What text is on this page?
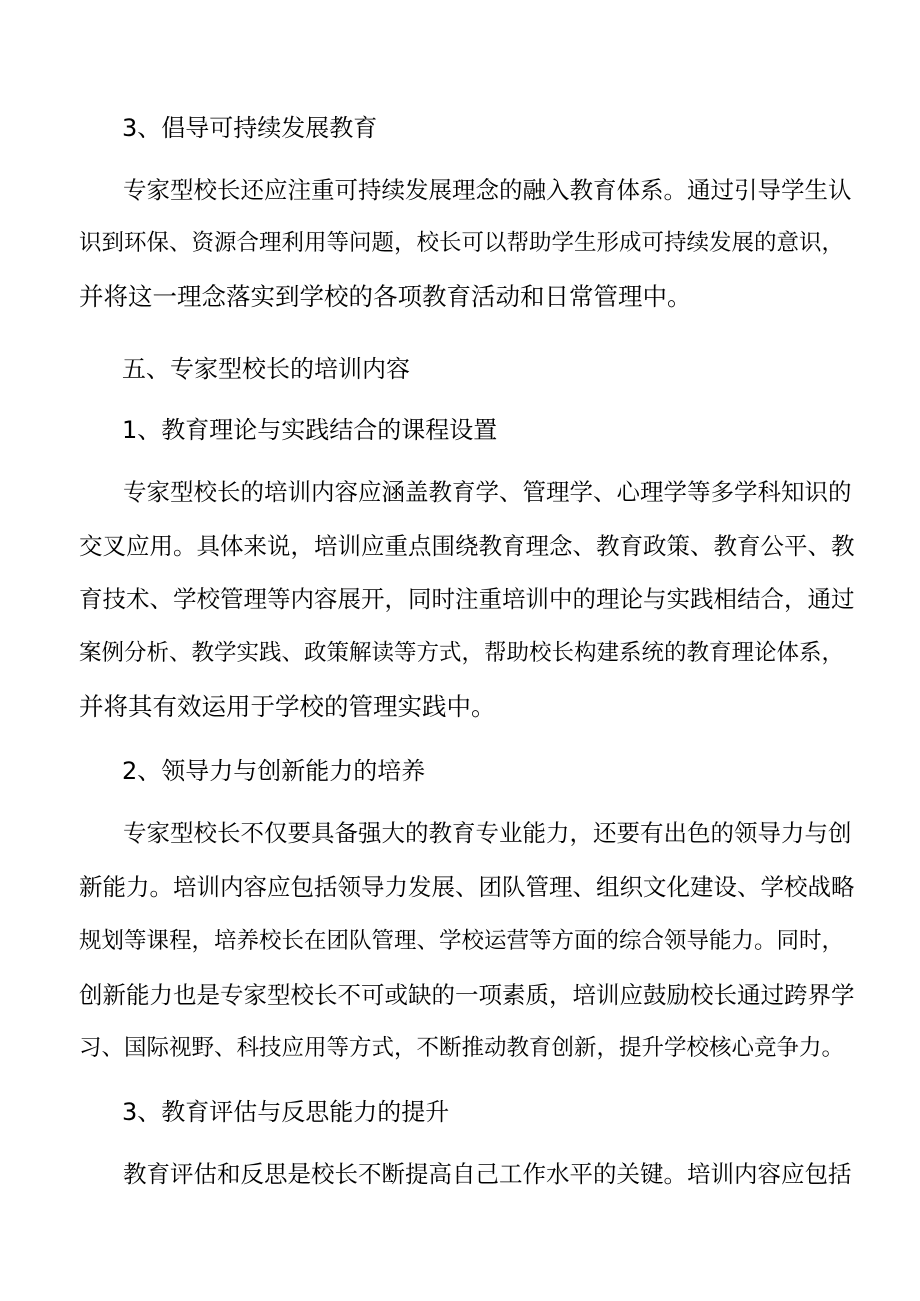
3、倡导可持续发展教育
专家型校长还应注重可持续发展理念的融入教育体系。通过引导学生认
识到环保、资源合理利用等问题，校长可以帮助学生形成可持续发展的意识，
并将这一理念落实到学校的各项教育活动和日常管理中。
五、专家型校长的培训内容
1、教育理论与实践结合的课程设置
专家型校长的培训内容应涵盖教育学、管理学、心理学等多学科知识的
交叉应用。具体来说，培训应重点围绕教育理念、教育政策、教育公平、教
育技术、学校管理等内容展开，同时注重培训中的理论与实践相结合，通过
案例分析、教学实践、政策解读等方式，帮助校长构建系统的教育理论体系，
并将其有效运用于学校的管理实践中。
2、领导力与创新能力的培养
专家型校长不仅要具备强大的教育专业能力，还要有出色的领导力与创
新能力。培训内容应包括领导力发展、团队管理、组织文化建设、学校战略
规划等课程，培养校长在团队管理、学校运营等方面的综合领导能力。同时，
创新能力也是专家型校长不可或缺的一项素质，培训应鼓励校长通过跨界学
习、国际视野、科技应用等方式，不断推动教育创新，提升学校核心竞争力。
3、教育评估与反思能力的提升
教育评估和反思是校长不断提高自己工作水平的关键。培训内容应包括
